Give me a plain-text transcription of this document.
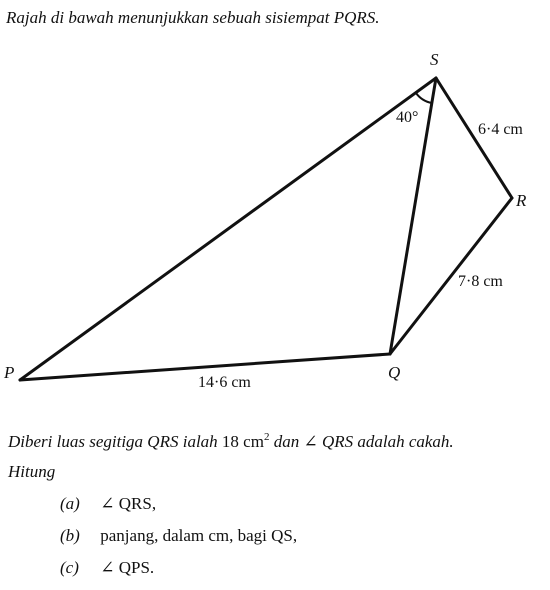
Rajah di bawah menunjukkan sebuah sisiempat PQRS.
S
R
Q
P
40°
6·4 cm
7·8 cm
14·6 cm
Diberi luas segitiga QRS ialah 18 $cm^2$ dan ∠ QRS adalah cakah.
Hitung
(a) ∠ QRS,
(b) panjang, dalam cm, bagi QS,
(c) ∠ QPS.
